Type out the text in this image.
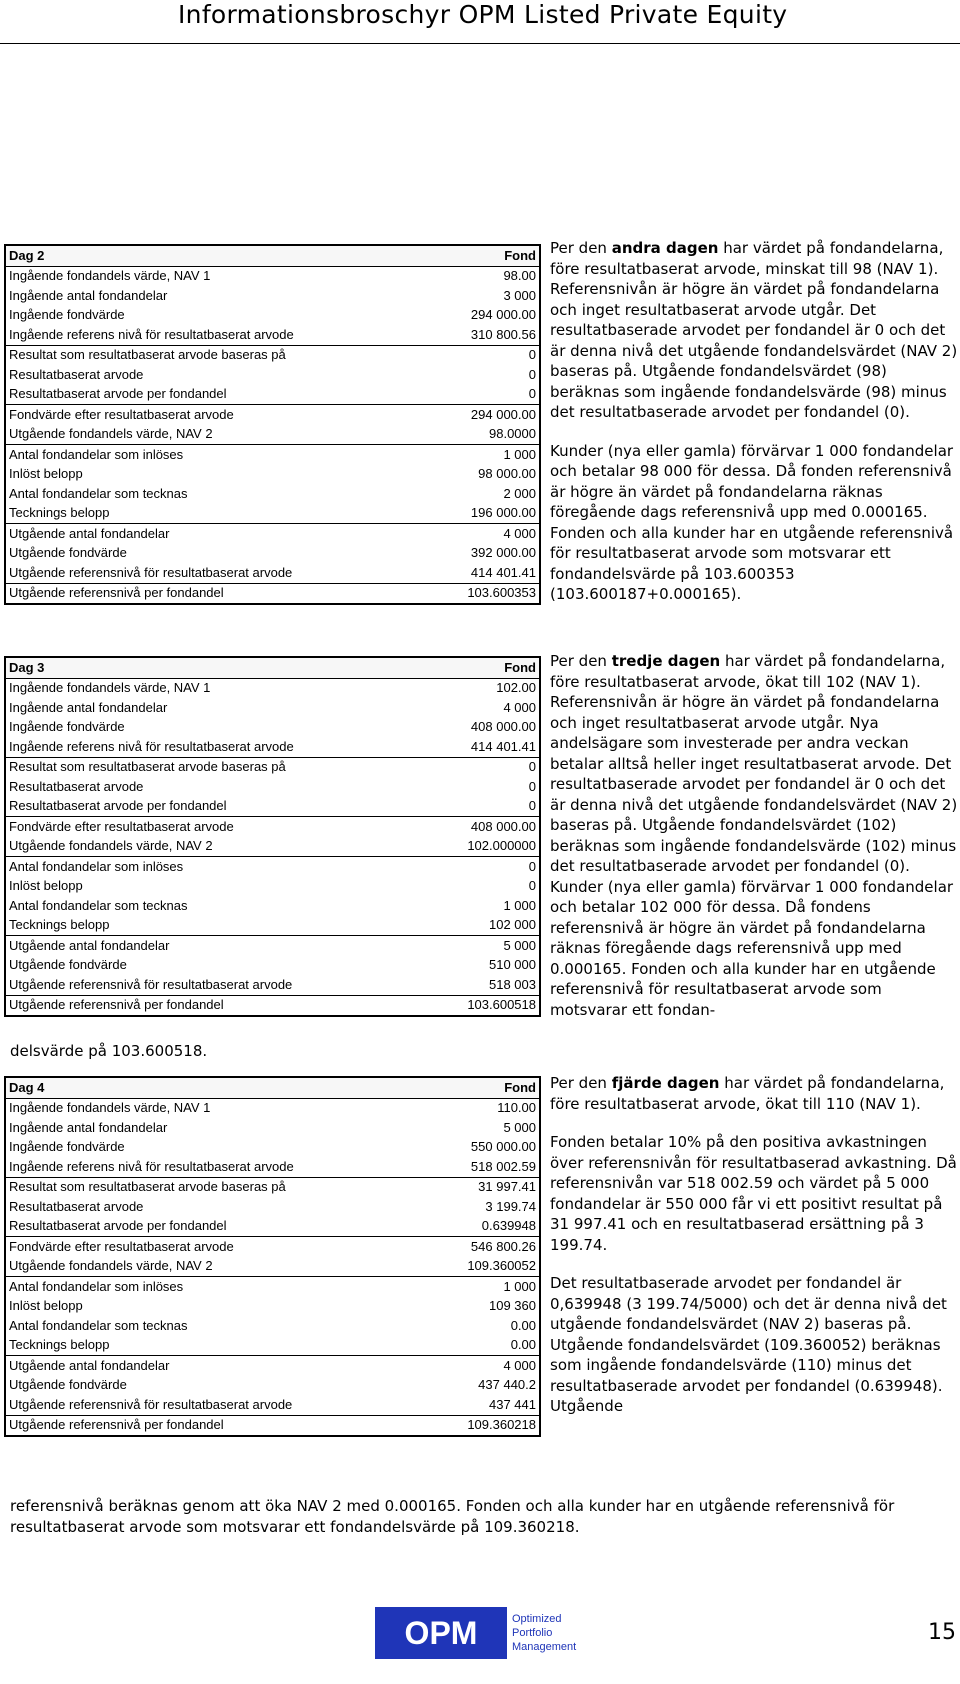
Informationsbroschyr OPM Listed Private Equity
Dag 2	Fond
Ingående fondandels värde, NAV 1	98.00
Ingående antal fondandelar	3 000
Ingående fondvärde	294 000.00
Ingående referens nivå för resultatbaserat arvode	310 800.56
Resultat som resultatbaserat arvode baseras på	0
Resultatbaserat arvode	0
Resultatbaserat arvode per fondandel	0
Fondvärde efter resultatbaserat arvode	294 000.00
Utgående fondandels värde, NAV 2	98.0000
Antal fondandelar som inlöses	1 000
Inlöst belopp	98 000.00
Antal fondandelar som tecknas	2 000
Tecknings belopp	196 000.00
Utgående antal fondandelar	4 000
Utgående fondvärde	392 000.00
Utgående referensnivå för resultatbaserat arvode	414 401.41
Utgående referensnivå per fondandel	103.600353
Dag 3	Fond
Ingående fondandels värde, NAV 1	102.00
Ingående antal fondandelar	4 000
Ingående fondvärde	408 000.00
Ingående referens nivå för resultatbaserat arvode	414 401.41
Resultat som resultatbaserat arvode baseras på	0
Resultatbaserat arvode	0
Resultatbaserat arvode per fondandel	0
Fondvärde efter resultatbaserat arvode	408 000.00
Utgående fondandels värde, NAV 2	102.000000
Antal fondandelar som inlöses	0
Inlöst belopp	0
Antal fondandelar som tecknas	1 000
Tecknings belopp	102 000
Utgående antal fondandelar	5 000
Utgående fondvärde	510 000
Utgående referensnivå för resultatbaserat arvode	518 003
Utgående referensnivå per fondandel	103.600518
Dag 4	Fond
Ingående fondandels värde, NAV 1	110.00
Ingående antal fondandelar	5 000
Ingående fondvärde	550 000.00
Ingående referens nivå för resultatbaserat arvode	518 002.59
Resultat som resultatbaserat arvode baseras på	31 997.41
Resultatbaserat arvode	3 199.74
Resultatbaserat arvode per fondandel	0.639948
Fondvärde efter resultatbaserat arvode	546 800.26
Utgående fondandels värde, NAV 2	109.360052
Antal fondandelar som inlöses	1 000
Inlöst belopp	109 360
Antal fondandelar som tecknas	0.00
Tecknings belopp	0.00
Utgående antal fondandelar	4 000
Utgående fondvärde	437 440.2
Utgående referensnivå för resultatbaserat arvode	437 441
Utgående referensnivå per fondandel	109.360218

Per den andra dagen har värdet på fondandelarna, före resultatbaserat arvode, minskat till 98 (NAV 1). Referensnivån är högre än värdet på fondandelarna och inget resultatbaserat arvode utgår. Det resultatbaserade arvodet per fondandel är 0 och det är denna nivå det utgående fondandelsvärdet (NAV 2) baseras på. Utgående fondandelsvärdet (98) beräknas som ingående fondandelsvärde (98) minus det resultatbaserade arvodet per fondandel (0).

Kunder (nya eller gamla) förvärvar 1 000 fondandelar och betalar 98 000 för dessa. Då fonden referensnivå är högre än värdet på fondandelarna räknas föregående dags referensnivå upp med 0.000165. Fonden och alla kunder har en utgående referensnivå för resultatbaserat arvode som motsvarar ett fondandelsvärde på 103.600353 (103.600187+0.000165).

Per den tredje dagen har värdet på fondandelarna, före resultatbaserat arvode, ökat till 102 (NAV 1). Referensnivån är högre än värdet på fondandelarna och inget resultatbaserat arvode utgår. Nya andelsägare som investerade per andra veckan betalar alltså heller inget resultatbaserat arvode. Det resultatbaserade arvodet per fondandel är 0 och det är denna nivå det utgående fondandelsvärdet (NAV 2) baseras på. Utgående fondandelsvärdet (102) beräknas som ingående fondandelsvärde (102) minus det resultatbaserade arvodet per fondandel (0). Kunder (nya eller gamla) förvärvar 1 000 fondandelar och betalar 102 000 för dessa. Då fondens referensnivå är högre än värdet på fondandelarna räknas föregående dags referensnivå upp med 0.000165. Fonden och alla kunder har en utgående referensnivå för resultatbaserat arvode som motsvarar ett fondan-

delsvärde på 103.600518.

Per den fjärde dagen har värdet på fondandelarna, före resultatbaserat arvode, ökat till 110 (NAV 1).

Fonden betalar 10% på den positiva avkastningen över referensnivån för resultatbaserad avkastning. Då referensnivån var 518 002.59 och värdet på 5 000 fondandelar är 550 000 får vi ett positivt resultat på 31 997.41 och en resultatbaserad ersättning på 3 199.74.

Det resultatbaserade arvodet per fondandel är 0,639948 (3 199.74/5000) och det är denna nivå det utgående fondandelsvärdet (NAV 2) baseras på. Utgående fondandelsvärdet (109.360052) beräknas som ingående fondandelsvärde (110) minus det resultatbaserade arvodet per fondandel (0.639948). Utgående

referensnivå beräknas genom att öka NAV 2 med 0.000165. Fonden och alla kunder har en utgående referensnivå för resultatbaserat arvode som motsvarar ett fondandelsvärde på 109.360218.
OPM	Optimized
Portfolio
Management
15
